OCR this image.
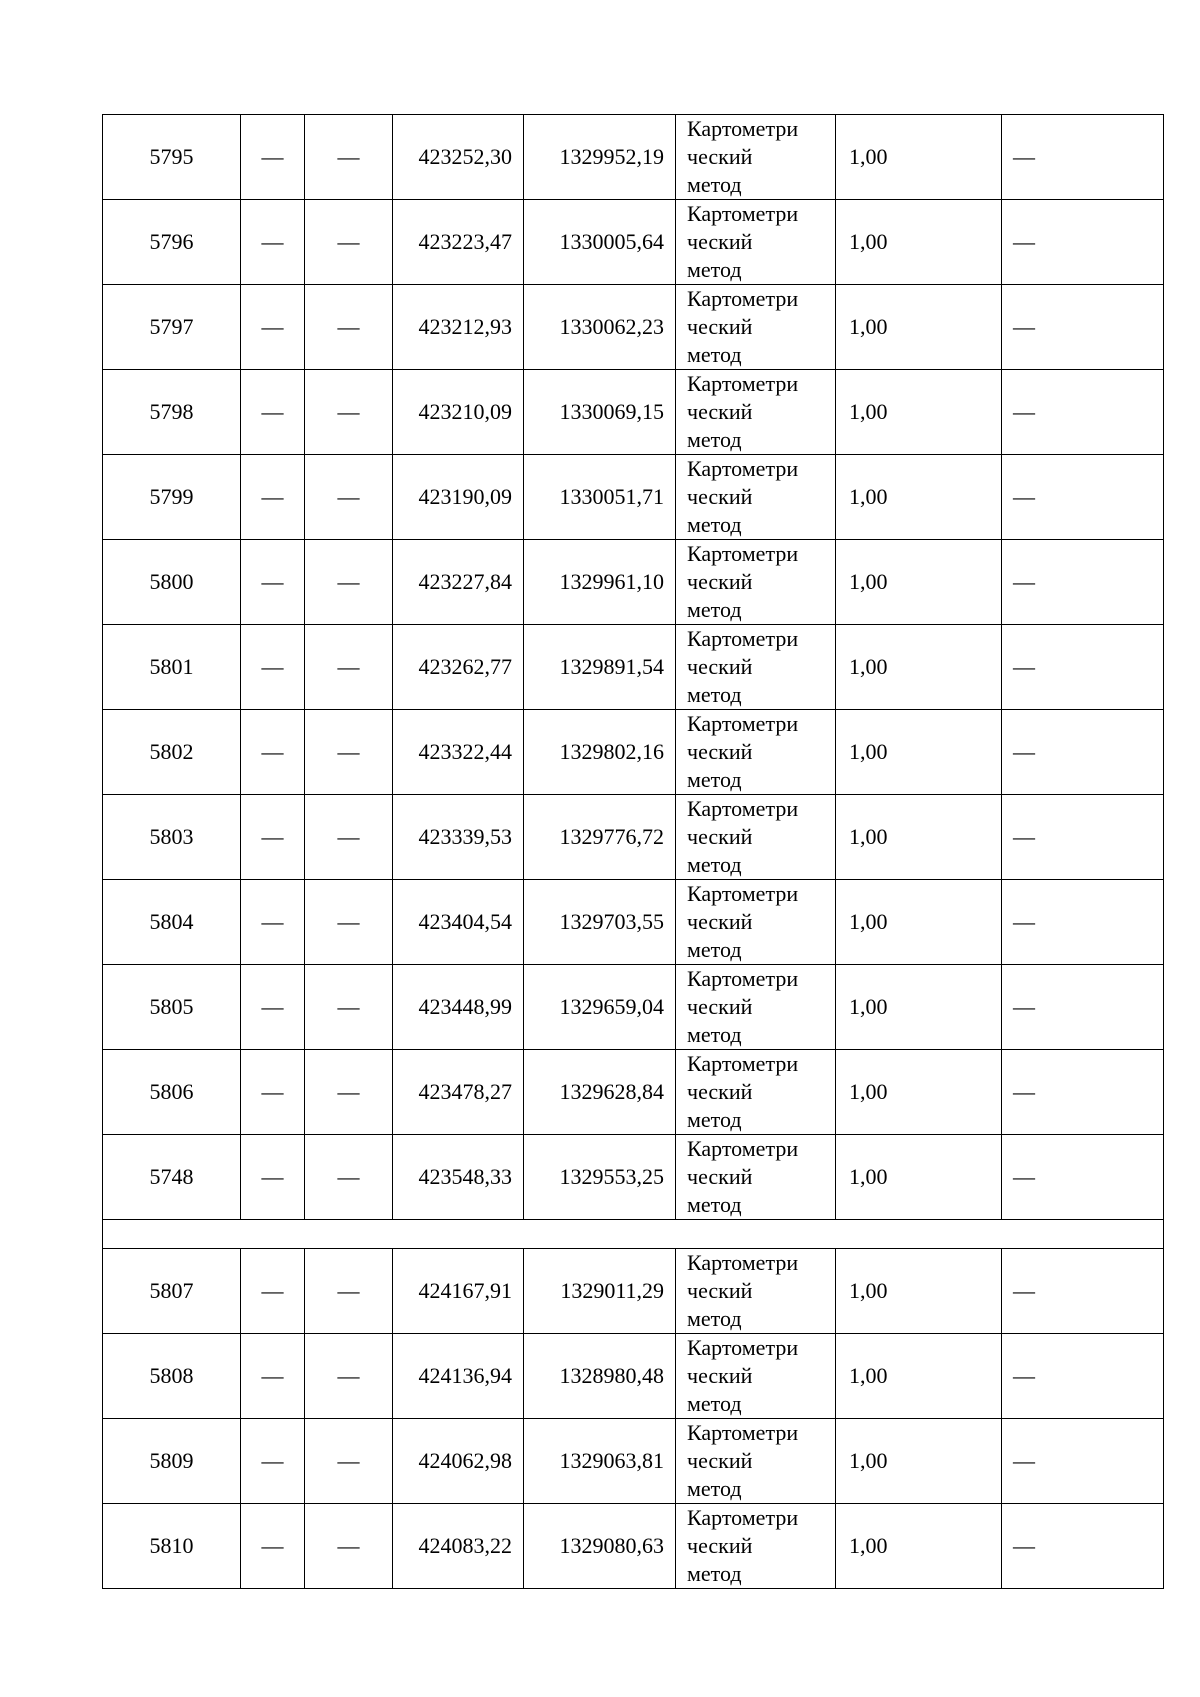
5795	—	—	423252,30	1329952,19	Картометри
ческий
метод	1,00	—
5796	—	—	423223,47	1330005,64	Картометри
ческий
метод	1,00	—
5797	—	—	423212,93	1330062,23	Картометри
ческий
метод	1,00	—
5798	—	—	423210,09	1330069,15	Картометри
ческий
метод	1,00	—
5799	—	—	423190,09	1330051,71	Картометри
ческий
метод	1,00	—
5800	—	—	423227,84	1329961,10	Картометри
ческий
метод	1,00	—
5801	—	—	423262,77	1329891,54	Картометри
ческий
метод	1,00	—
5802	—	—	423322,44	1329802,16	Картометри
ческий
метод	1,00	—
5803	—	—	423339,53	1329776,72	Картометри
ческий
метод	1,00	—
5804	—	—	423404,54	1329703,55	Картометри
ческий
метод	1,00	—
5805	—	—	423448,99	1329659,04	Картометри
ческий
метод	1,00	—
5806	—	—	423478,27	1329628,84	Картометри
ческий
метод	1,00	—
5748	—	—	423548,33	1329553,25	Картометри
ческий
метод	1,00	—

5807	—	—	424167,91	1329011,29	Картометри
ческий
метод	1,00	—
5808	—	—	424136,94	1328980,48	Картометри
ческий
метод	1,00	—
5809	—	—	424062,98	1329063,81	Картометри
ческий
метод	1,00	—
5810	—	—	424083,22	1329080,63	Картометри
ческий
метод	1,00	—
